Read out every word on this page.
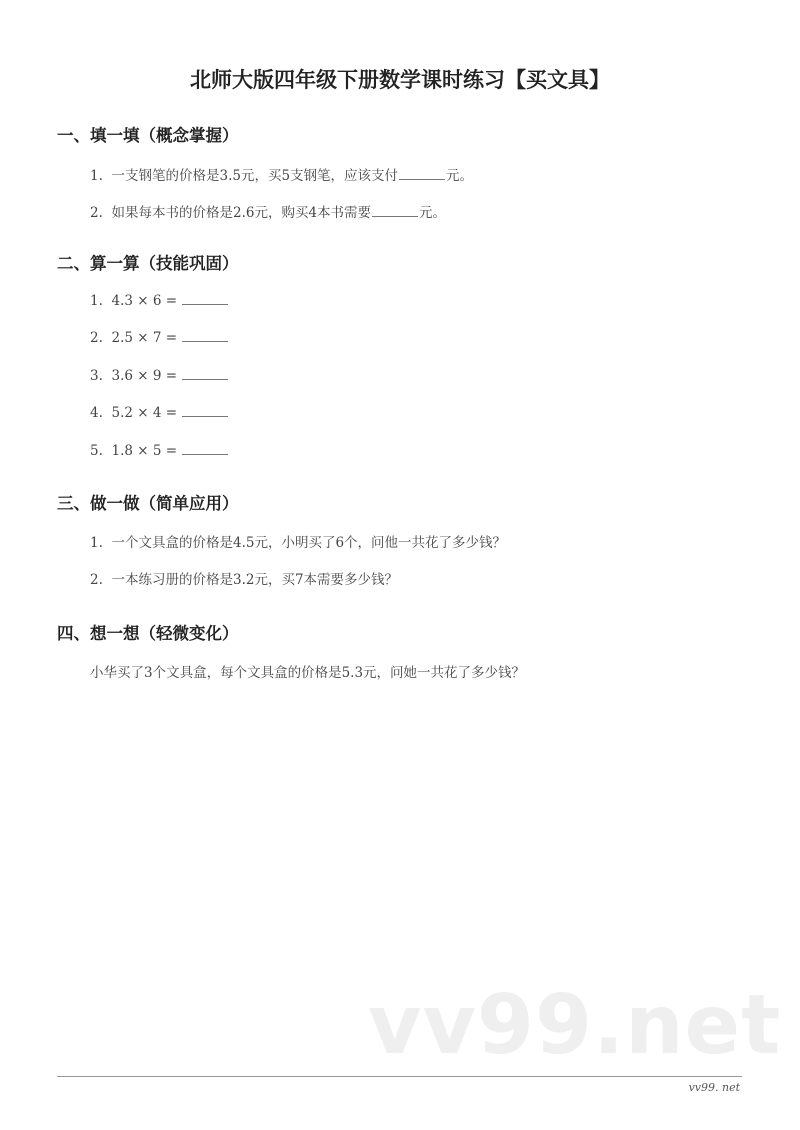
北师大版四年级下册数学课时练习【买文具】
一、填一填（概念掌握）
1. 一支钢笔的价格是3.5元，买5支钢笔，应该支付	元。
2. 如果每本书的价格是2.6元，购买4本书需要	元。
二、算一算（技能巩固）
1. 4.3 × 6 =
2. 2.5 × 7 =
3. 3.6 × 9 =
4. 5.2 × 4 =
5. 1.8 × 5 =
三、做一做（简单应用）
1. 一个文具盒的价格是4.5元，小明买了6个，问他一共花了多少钱？
2. 一本练习册的价格是3.2元，买7本需要多少钱？
四、想一想（轻微变化）
小华买了3个文具盒，每个文具盒的价格是5.3元，问她一共花了多少钱？
vv99.net
vv99. net
